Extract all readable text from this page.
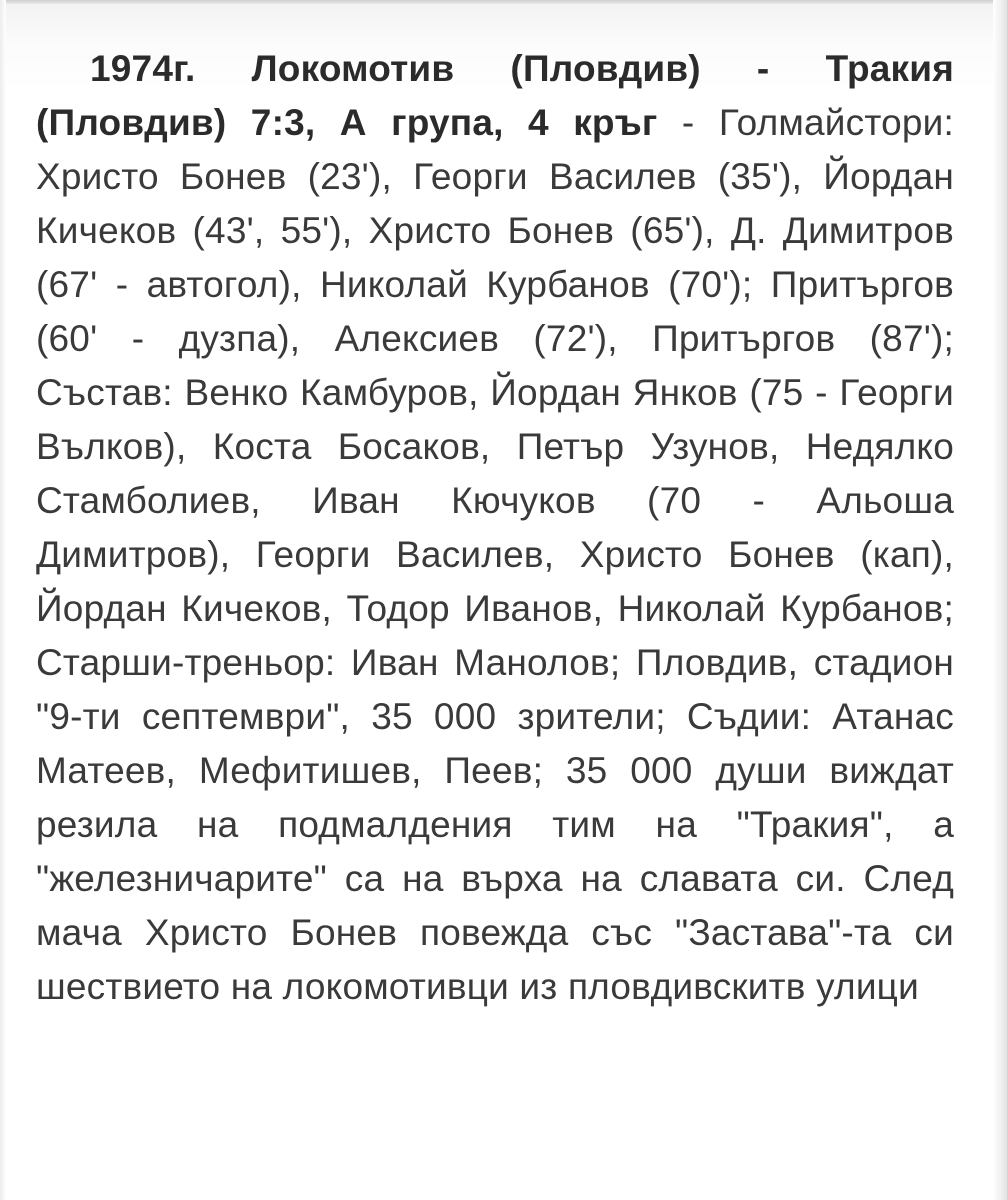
1974г. Локомотив (Пловдив) - Тракия (Пловдив) 7:3, А група, 4 кръг - Голмайстори: Христо Бонев (23'), Георги Василев (35'), Йордан Кичеков (43', 55'), Христо Бонев (65'), Д. Димитров (67' - автогол), Николай Курбанов (70'); Притъргов (60' - дузпа), Алексиев (72'), Притъргов (87'); Състав: Венко Камбуров, Йордан Янков (75 - Георги Вълков), Коста Босаков, Петър Узунов, Недялко Стамболиев, Иван Кючуков (70 - Альоша Димитров), Георги Василев, Христо Бонев (кап), Йордан Кичеков, Тодор Иванов, Николай Курбанов; Старши-треньор: Иван Манолов; Пловдив, стадион "9-ти септември", 35 000 зрители; Съдии: Атанас Матеев, Мефитишев, Пеев; 35 000 души виждат резила на подмалдения тим на "Тракия", а "железничарите" са на върха на славата си. След мача Христо Бонев повежда със "Застава"-та си шествието на локомотивци из пловдивскитв улици
